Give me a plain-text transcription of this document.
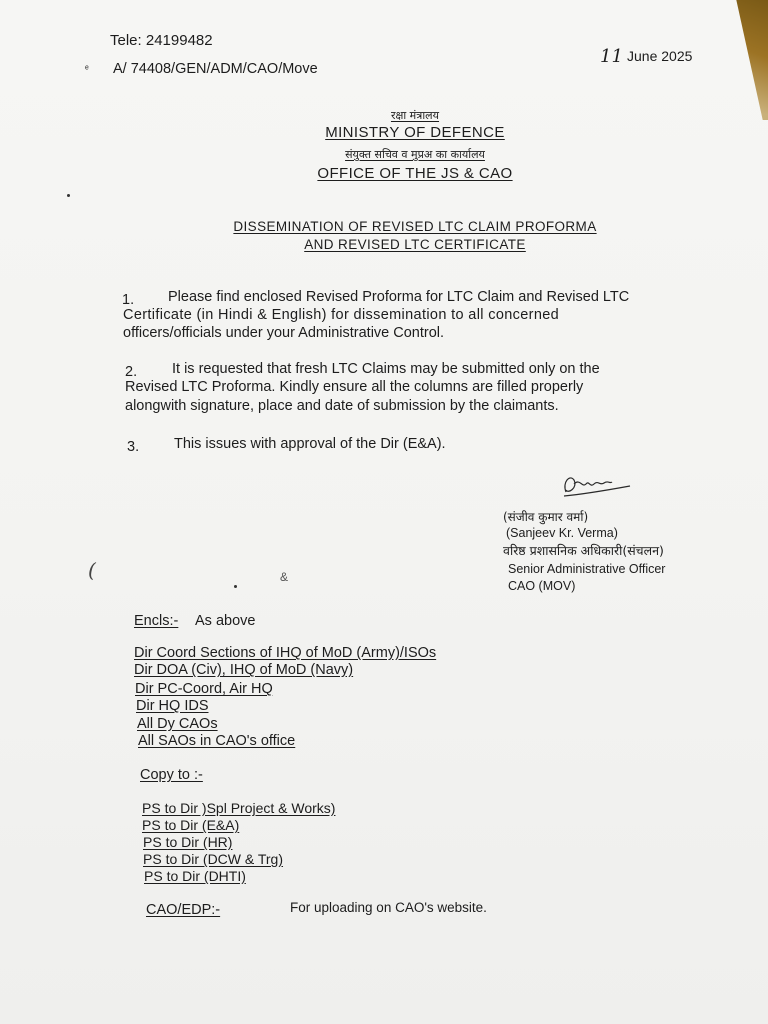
Tele: 24199482
ᵉ A/ 74408/GEN/ADM/CAO/Move
11 June 2025
रक्षा मंत्रालय
MINISTRY OF DEFENCE
संयुक्त सचिव व मुप्रअ का कार्यालय
OFFICE OF THE JS & CAO
DISSEMINATION OF REVISED LTC CLAIM PROFORMA
AND REVISED LTC CERTIFICATE
1. Please find enclosed Revised Proforma for LTC Claim and Revised LTC
Certificate (in Hindi & English) for dissemination to all concerned
officers/officials under your Administrative Control.
2. It is requested that fresh LTC Claims may be submitted only on the
Revised LTC Proforma. Kindly ensure all the columns are filled properly
alongwith signature, place and date of submission by the claimants.
3. This issues with approval of the Dir (E&A).
(संजीव कुमार वर्मा)
(Sanjeev Kr. Verma)
वरिष्ठ प्रशासनिक अधिकारी(संचलन)
Senior Administrative Officer
CAO (MOV)
(	&
Encls:- As above
Dir Coord Sections of IHQ of MoD (Army)/ISOs
Dir DOA (Civ), IHQ of MoD (Navy)
Dir PC-Coord, Air HQ
Dir HQ IDS
All Dy CAOs
All SAOs in CAO's office
Copy to :-
PS to Dir )Spl Project & Works)
PS to Dir (E&A)
PS to Dir (HR)
PS to Dir (DCW & Trg)
PS to Dir (DHTI)
CAO/EDP:-	For uploading on CAO's website.
